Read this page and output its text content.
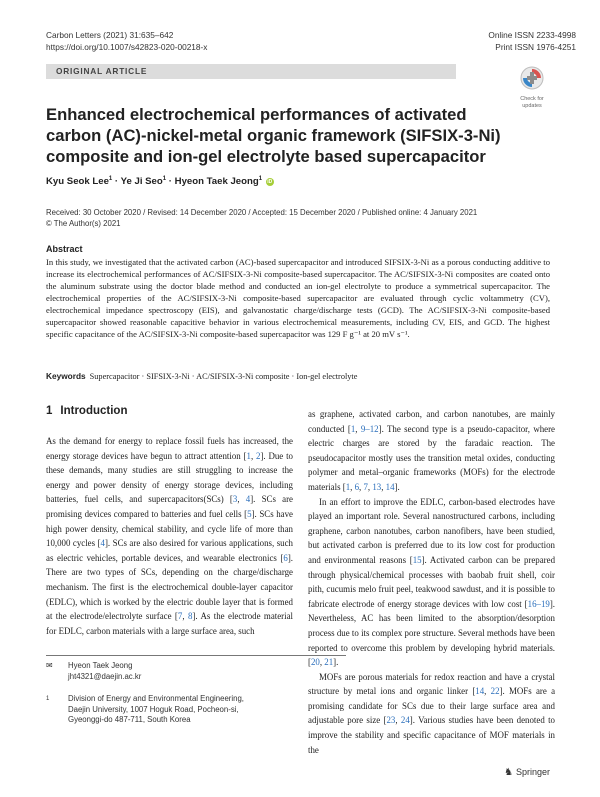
Carbon Letters (2021) 31:635–642
https://doi.org/10.1007/s42823-020-00218-x
Online ISSN 2233-4998
Print ISSN 1976-4251
ORIGINAL ARTICLE
Check for
updates
Enhanced electrochemical performances of activated carbon (AC)-nickel-metal organic framework (SIFSIX-3-Ni) composite and ion-gel electrolyte based supercapacitor
Kyu Seok Lee$^1$ · Ye Ji Seo$^1$ · Hyeon Taek Jeong$^1$ iD
Received: 30 October 2020 / Revised: 14 December 2020 / Accepted: 15 December 2020 / Published online: 4 January 2021
© The Author(s) 2021
Abstract
In this study, we investigated that the activated carbon (AC)-based supercapacitor and introduced SIFSIX-3-Ni as a porous conducting additive to increase its electrochemical performances of AC/SIFSIX-3-Ni composite-based supercapacitor. The AC/SIFSIX-3-Ni composites are coated onto the aluminum substrate using the doctor blade method and conducted an ion-gel electrolyte to produce a symmetrical supercapacitor. The electrochemical properties of the AC/SIFSIX-3-Ni composite-based supercapacitor are evaluated through cyclic voltammetry (CV), electrochemical impedance spectroscopy (EIS), and galvanostatic charge/discharge tests (GCD). The AC/SIFSIX-3-Ni composite-based supercapacitor showed reasonable capacitive behavior in various electrochemical measurements, including CV, EIS, and GCD. The highest specific capacitance of the AC/SIFSIX-3-Ni composite-based supercapacitor was 129 F g⁻¹ at 20 mV s⁻¹.
Keywords Supercapacitor · SIFSIX-3-Ni · AC/SIFSIX-3-Ni composite · Ion-gel electrolyte
1 Introduction

As the demand for energy to replace fossil fuels has increased, the energy storage devices have begun to attract attention [1, 2]. Due to these demands, many studies are still struggling to increase the energy and power density of energy storage devices, including batteries, fuel cells, and supercapacitors(SCs) [3, 4]. SCs are promising devices compared to batteries and fuel cells [5]. SCs have high power density, chemical stability, and cycle life of more than 10,000 cycles [4]. SCs are also desired for various applications, such as electric vehicles, portable devices, and wearable electronics [6]. There are two types of SCs, depending on the charge/discharge mechanism. The first is the electrochemical double-layer capacitor (EDLC), which is worked by the electric double layer that is formed at the electrode/electrolyte surface [7, 8]. As the electrode material for EDLC, carbon materials with a large surface area, such

as graphene, activated carbon, and carbon nanotubes, are mainly conducted [1, 9–12]. The second type is a pseudo-capacitor, where electric charges are stored by the faradaic reaction. The pseudocapacitor mostly uses the transition metal oxides, conducting polymer and metal–organic frameworks (MOFs) for the electrode materials [1, 6, 7, 13, 14].

In an effort to improve the EDLC, carbon-based electrodes have played an important role. Several nanostructured carbons, including graphene, carbon nanotubes, carbon nanofibers, have been studied, but activated carbon is preferred due to its low cost for production and environmental reasons [15]. Activated carbon can be prepared through physical/chemical processes with baobab fruit shell, coir pith, cucumis melo fruit peel, teakwood sawdust, and it is possible to fabricate electrode of energy storage devices with low cost [16–19]. Nevertheless, AC has been limited to the absorption/desorption process due to its complex pore structure. Several methods have been reported to overcome this problem by developing hybrid materials. [20, 21].

MOFs are porous materials for redox reaction and have a crystal structure by metal ions and organic linker [14, 22]. MOFs are a promising candidate for SCs due to their large surface area and adjustable pore size [23, 24]. Various studies have been denoted to improve the stability and specific capacitance of MOF materials in the

✉ Hyeon Taek Jeong
jht4321@daejin.ac.kr
1 Division of Energy and Environmental Engineering,
Daejin University, 1007 Hoguk Road, Pocheon-si,
Gyeonggi-do 487-711, South Korea
♞ Springer
